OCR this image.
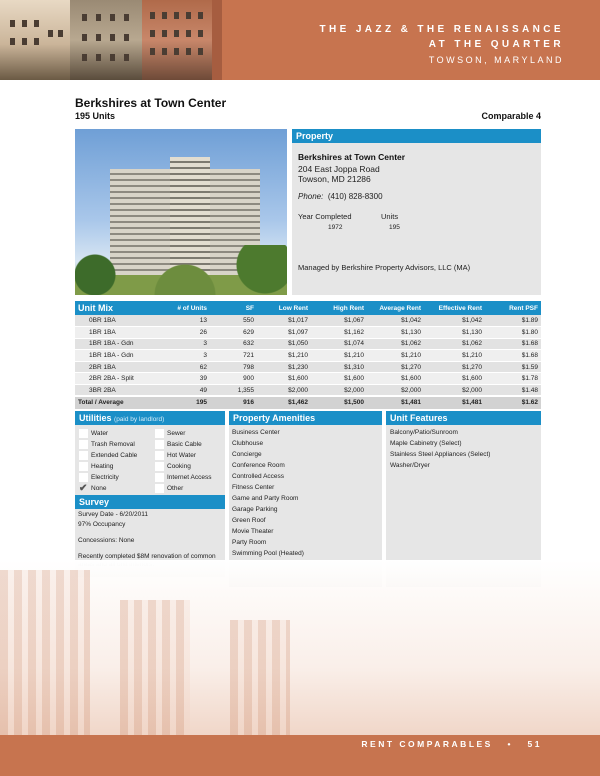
THE JAZZ & THE RENAISSANCE
AT THE QUARTER
TOWSON, MARYLAND
Berkshires at Town Center
195 Units	Comparable 4
Property
Berkshires at Town Center
204 East Joppa Road
Towson, MD 21286
Phone: (410) 828-8300
Year Completed	Units
1972	195
Managed by Berkshire Property Advisors, LLC (MA)
Unit Mix	# of Units	SF	Low Rent	High Rent	Average Rent	Effective Rent	Rent PSF
0BR 1BA	13	550	$1,017	$1,067	$1,042	$1,042	$1.89
1BR 1BA	26	629	$1,097	$1,162	$1,130	$1,130	$1.80
1BR 1BA - Gdn	3	632	$1,050	$1,074	$1,062	$1,062	$1.68
1BR 1BA - Gdn	3	721	$1,210	$1,210	$1,210	$1,210	$1.68
2BR 1BA	62	798	$1,230	$1,310	$1,270	$1,270	$1.59
2BR 2BA - Split	39	900	$1,600	$1,600	$1,600	$1,600	$1.78
3BR 2BA	49	1,355	$2,000	$2,000	$2,000	$2,000	$1.48
Total / Average	195	916	$1,462	$1,500	$1,481	$1,481	$1.62
Utilities (paid by landlord)
Water
Trash Removal
Extended Cable
Heating
Electricity
✔ None
Sewer
Basic Cable
Hot Water
Cooking
Internet Access
Other
Survey
Survey Date - 6/20/2011
97% Occupancy
Concessions: None
Recently completed $8M renovation of common
Property Amenities
Business Center
Clubhouse
Concierge
Conference Room
Controlled Access
Fitness Center
Game and Party Room
Garage Parking
Green Roof
Movie Theater
Party Room
Swimming Pool (Heated)
Unit Features
Balcony/Patio/Sunroom
Maple Cabinetry (Select)
Stainless Steel Appliances (Select)
Washer/Dryer
RENT COMPARABLES • 51
